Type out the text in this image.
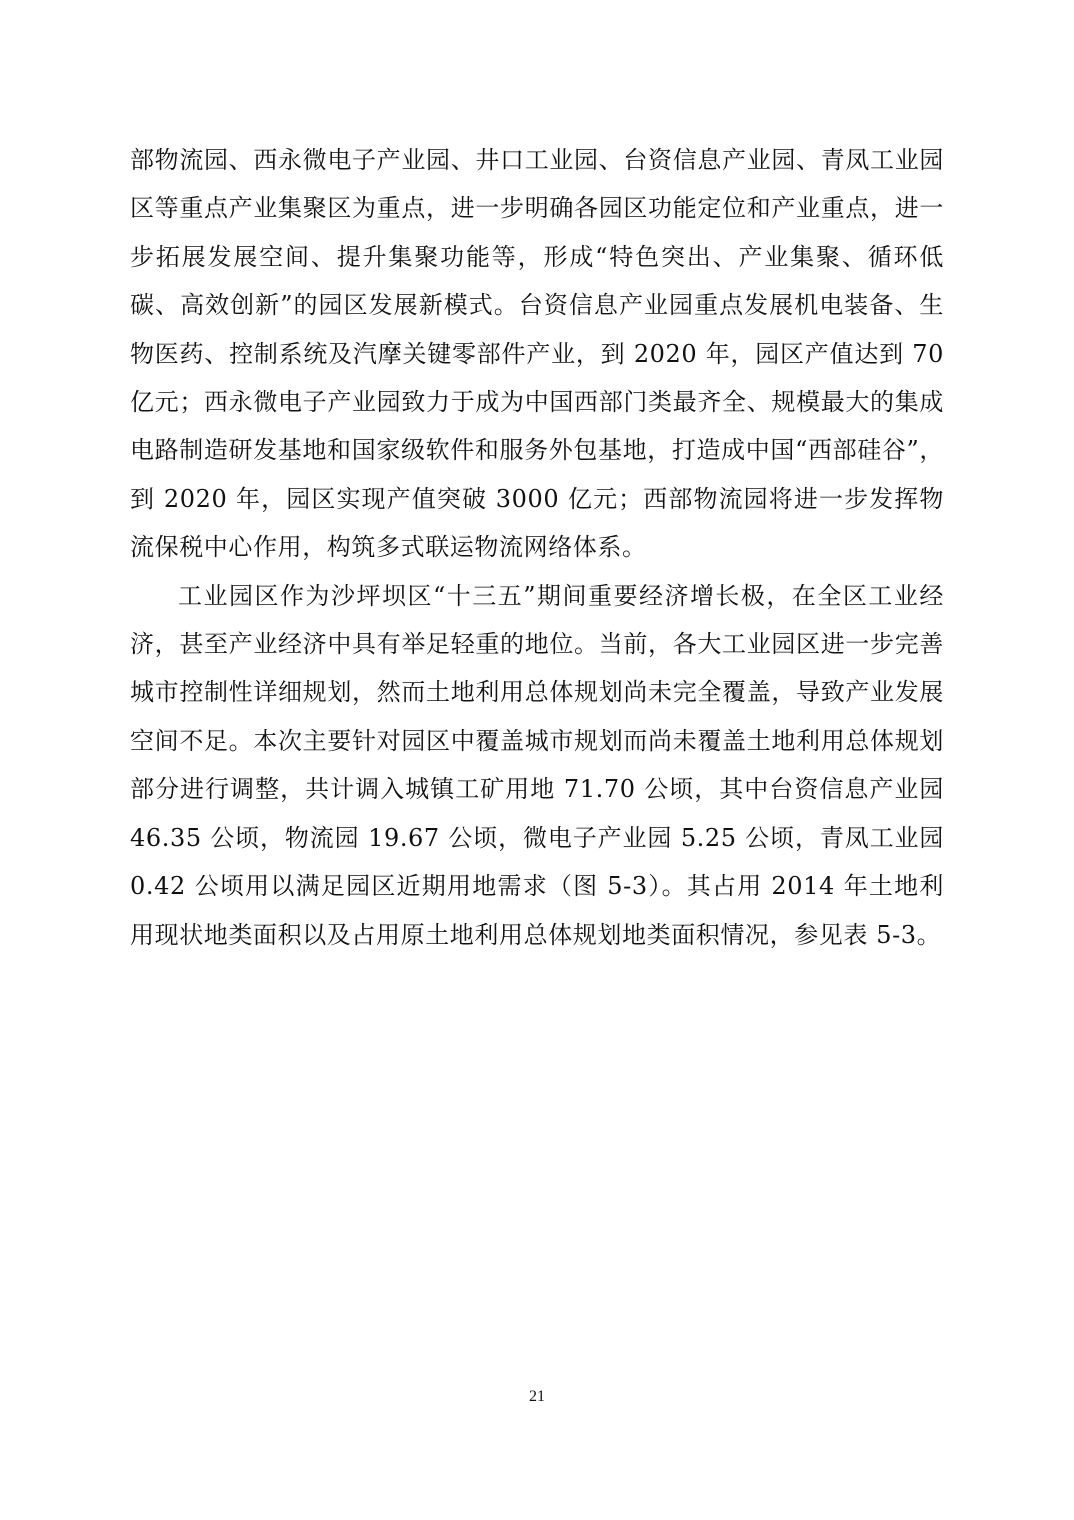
部物流园、西永微电子产业园、井口工业园、台资信息产业园、青凤工业园区等重点产业集聚区为重点，进一步明确各园区功能定位和产业重点，进一步拓展发展空间、提升集聚功能等，形成“特色突出、产业集聚、循环低碳、高效创新”的园区发展新模式。台资信息产业园重点发展机电装备、生物医药、控制系统及汽摩关键零部件产业，到 2020 年，园区产值达到 70 亿元；西永微电子产业园致力于成为中国西部门类最齐全、规模最大的集成电路制造研发基地和国家级软件和服务外包基地，打造成中国“西部硅谷”，到 2020 年，园区实现产值突破 3000 亿元；西部物流园将进一步发挥物流保税中心作用，构筑多式联运物流网络体系。

工业园区作为沙坪坝区“十三五”期间重要经济增长极，在全区工业经济，甚至产业经济中具有举足轻重的地位。当前，各大工业园区进一步完善城市控制性详细规划，然而土地利用总体规划尚未完全覆盖，导致产业发展空间不足。本次主要针对园区中覆盖城市规划而尚未覆盖土地利用总体规划部分进行调整，共计调入城镇工矿用地 71.70 公顷，其中台资信息产业园 46.35 公顷，物流园 19.67 公顷，微电子产业园 5.25 公顷，青凤工业园 0.42 公顷用以满足园区近期用地需求（图 5-3）。其占用 2014 年土地利用现状地类面积以及占用原土地利用总体规划地类面积情况，参见表 5-3。

21
